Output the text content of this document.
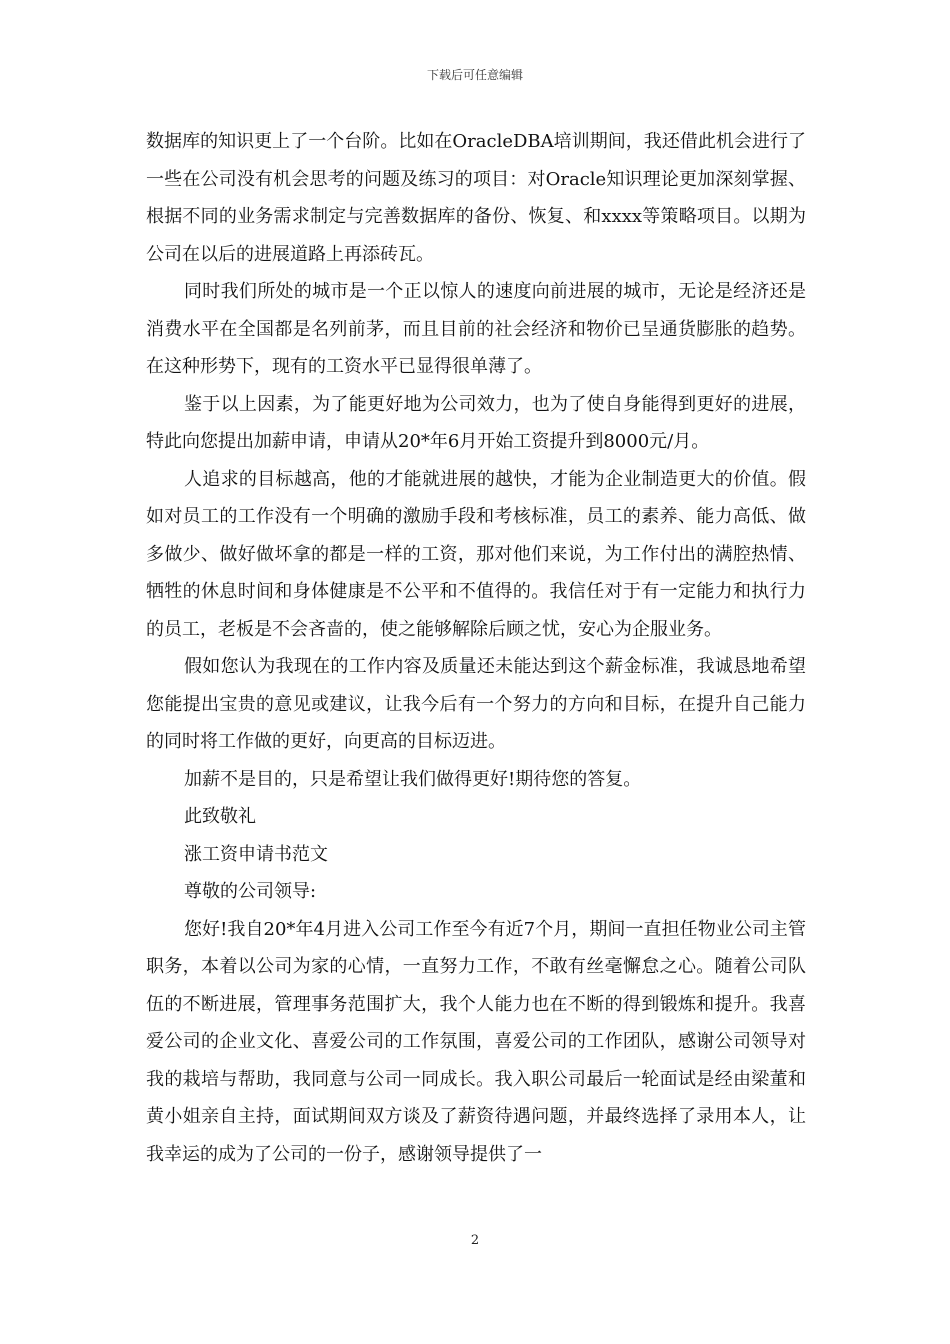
下载后可任意编辑

数据库的知识更上了一个台阶。比如在OracleDBA培训期间，我还借此机会进行了一些在公司没有机会思考的问题及练习的项目：对Oracle知识理论更加深刻掌握、根据不同的业务需求制定与完善数据库的备份、恢复、和xxxx等策略项目。以期为公司在以后的进展道路上再添砖瓦。

同时我们所处的城市是一个正以惊人的速度向前进展的城市，无论是经济还是消费水平在全国都是名列前茅，而且目前的社会经济和物价已呈通货膨胀的趋势。在这种形势下，现有的工资水平已显得很单薄了。

鉴于以上因素，为了能更好地为公司效力，也为了使自身能得到更好的进展，特此向您提出加薪申请，申请从20*年6月开始工资提升到8000元/月。

人追求的目标越高，他的才能就进展的越快，才能为企业制造更大的价值。假如对员工的工作没有一个明确的激励手段和考核标准，员工的素养、能力高低、做多做少、做好做坏拿的都是一样的工资，那对他们来说，为工作付出的满腔热情、牺牲的休息时间和身体健康是不公平和不值得的。我信任对于有一定能力和执行力的员工，老板是不会吝啬的，使之能够解除后顾之忧，安心为企服业务。

假如您认为我现在的工作内容及质量还未能达到这个薪金标准，我诚恳地希望您能提出宝贵的意见或建议，让我今后有一个努力的方向和目标，在提升自己能力的同时将工作做的更好，向更高的目标迈进。

加薪不是目的，只是希望让我们做得更好!期待您的答复。

此致敬礼

涨工资申请书范文

尊敬的公司领导:

您好!我自20*年4月进入公司工作至今有近7个月，期间一直担任物业公司主管职务，本着以公司为家的心情，一直努力工作，不敢有丝毫懈怠之心。随着公司队伍的不断进展，管理事务范围扩大，我个人能力也在不断的得到锻炼和提升。我喜爱公司的企业文化、喜爱公司的工作氛围，喜爱公司的工作团队，感谢公司领导对我的栽培与帮助，我同意与公司一同成长。我入职公司最后一轮面试是经由梁董和黄小姐亲自主持，面试期间双方谈及了薪资待遇问题，并最终选择了录用本人，让我幸运的成为了公司的一份子，感谢领导提供了一

2
